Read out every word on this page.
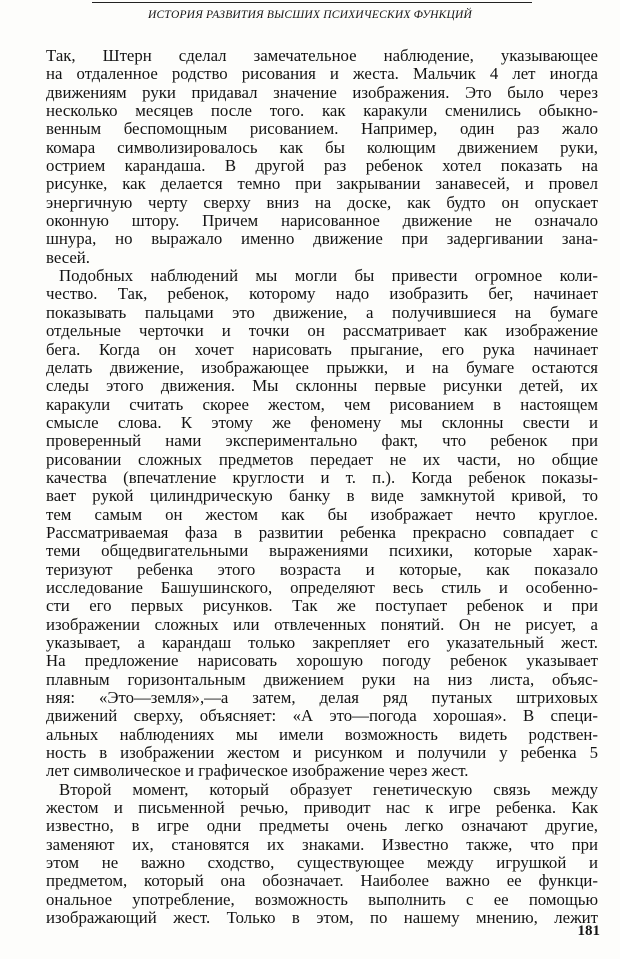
ИСТОРИЯ РАЗВИТИЯ ВЫСШИХ ПСИХИЧЕСКИХ ФУНКЦИЙ
Так, Штерн сделал замечательное наблюдение, указывающее
на отдаленное родство рисования и жеста. Мальчик 4 лет иногда
движениям руки придавал значение изображения. Это было через
несколько месяцев после того. как каракули сменились обыкно-
венным беспомощным рисованием. Например, один раз жало
комара символизировалось как бы колющим движением руки,
острием карандаша. В другой раз ребенок хотел показать на
рисунке, как делается темно при закрывании занавесей, и провел
энергичную черту сверху вниз на доске, как будто он опускает
оконную штору. Причем нарисованное движение не означало
шнура, но выражало именно движение при задергивании зана-
весей.
Подобных наблюдений мы могли бы привести огромное коли-
чество. Так, ребенок, которому надо изобразить бег, начинает
показывать пальцами это движение, а получившиеся на бумаге
отдельные черточки и точки он рассматривает как изображение
бега. Когда он хочет нарисовать прыгание, его рука начинает
делать движение, изображающее прыжки, и на бумаге остаются
следы этого движения. Мы склонны первые рисунки детей, их
каракули считать скорее жестом, чем рисованием в настоящем
смысле слова. К этому же феномену мы склонны свести и
проверенный нами экспериментально факт, что ребенок при
рисовании сложных предметов передает не их части, но общие
качества (впечатление круглости и т. п.). Когда ребенок показы-
вает рукой цилиндрическую банку в виде замкнутой кривой, то
тем самым он жестом как бы изображает нечто круглое.
Рассматриваемая фаза в развитии ребенка прекрасно совпадает с
теми общедвигательными выражениями психики, которые харак-
теризуют ребенка этого возраста и которые, как показало
исследование Башушинского, определяют весь стиль и особенно-
сти его первых рисунков. Так же поступает ребенок и при
изображении сложных или отвлеченных понятий. Он не рисует, а
указывает, а карандаш только закрепляет его указательный жест.
На предложение нарисовать хорошую погоду ребенок указывает
плавным горизонтальным движением руки на низ листа, объяс-
няя: «Это—земля»,—а затем, делая ряд путаных штриховых
движений сверху, объясняет: «А это—погода хорошая». В специ-
альных наблюдениях мы имели возможность видеть родствен-
ность в изображении жестом и рисунком и получили у ребенка 5
лет символическое и графическое изображение через жест.
Второй момент, который образует генетическую связь между
жестом и письменной речью, приводит нас к игре ребенка. Как
известно, в игре одни предметы очень легко означают другие,
заменяют их, становятся их знаками. Известно также, что при
этом не важно сходство, существующее между игрушкой и
предметом, который она обозначает. Наиболее важно ее функци-
ональное употребление, возможность выполнить с ее помощью
изображающий жест. Только в этом, по нашему мнению, лежит
181
